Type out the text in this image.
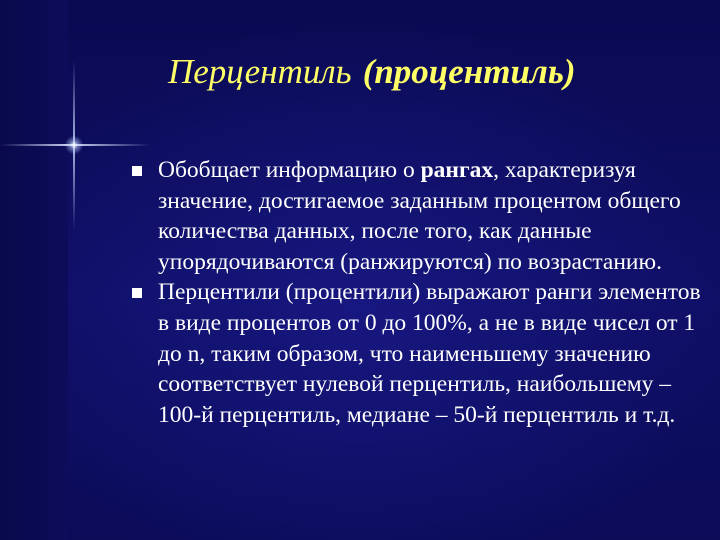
Перцентиль (процентиль)

Обобщает информацию о рангах, характеризуя значение, достигаемое заданным процентом общего количества данных, после того, как данные упорядочиваются (ранжируются) по возрастанию.

Перцентили (процентили) выражают ранги элементов в виде процентов от 0 до 100%, а не в виде чисел от 1 до n, таким образом, что наименьшему значению соответствует нулевой перцентиль, наибольшему – 100-й перцентиль, медиане – 50-й перцентиль и т.д.
